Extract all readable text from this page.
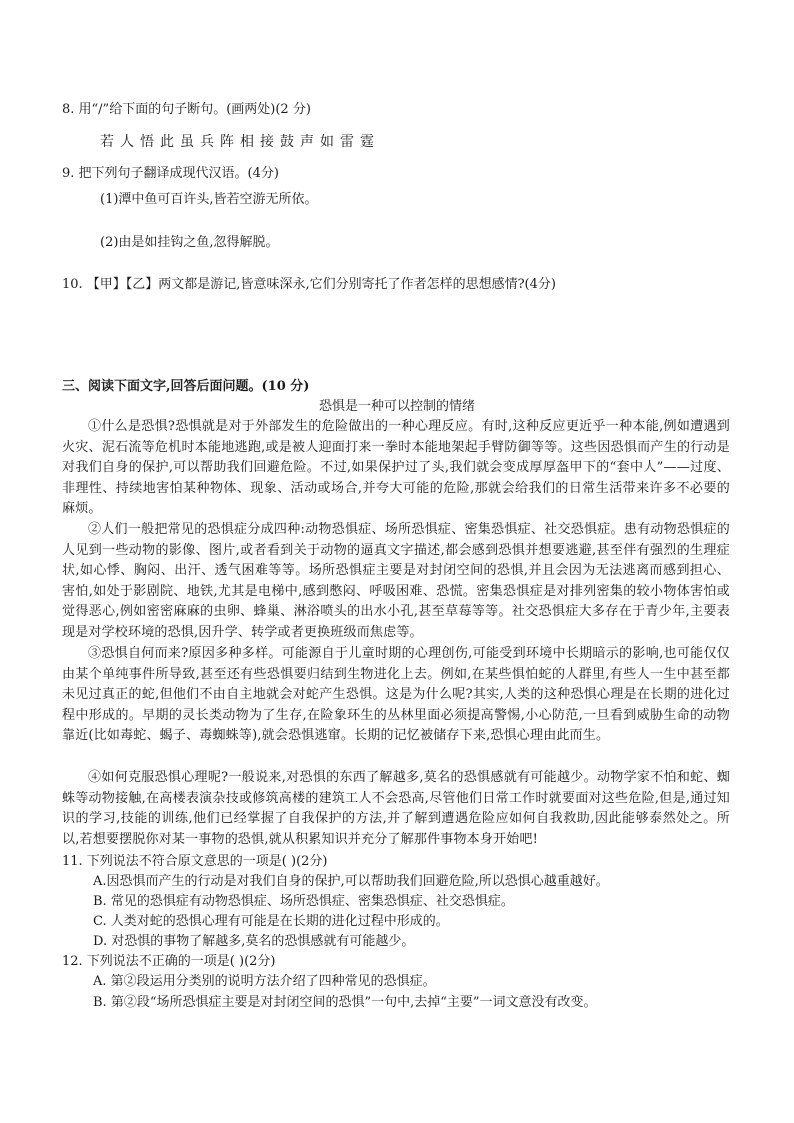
8. 用“/”给下面的句子断句。(画两处)(2 分)
若人悟此虽兵阵相接鼓声如雷霆
9. 把下列句子翻译成现代汉语。(4分)
(1)潭中鱼可百许头,皆若空游无所依。
(2)由是如挂钩之鱼,忽得解脱。
10. 【甲】【乙】两文都是游记,皆意味深永,它们分别寄托了作者怎样的思想感情?(4分)
三、阅读下面文字,回答后面问题。(10 分)
恐惧是一种可以控制的情绪
①什么是恐惧?恐惧就是对于外部发生的危险做出的一种心理反应。有时,这种反应更近乎一种本能,例如遭遇到火灾、泥石流等危机时本能地逃跑,或是被人迎面打来一拳时本能地架起手臂防御等等。这些因恐惧而产生的行动是对我们自身的保护,可以帮助我们回避危险。不过,如果保护过了头,我们就会变成厚厚盔甲下的“套中人”——过度、非理性、持续地害怕某种物体、现象、活动或场合,并夸大可能的危险,那就会给我们的日常生活带来许多不必要的麻烦。
②人们一般把常见的恐惧症分成四种:动物恐惧症、场所恐惧症、密集恐惧症、社交恐惧症。患有动物恐惧症的人见到一些动物的影像、图片,或者看到关于动物的逼真文字描述,都会感到恐惧并想要逃避,甚至伴有强烈的生理症状,如心悸、胸闷、出汗、透气困难等等。场所恐惧症主要是对封闭空间的恐惧,并且会因为无法逃离而感到担心、害怕,如处于影剧院、地铁,尤其是电梯中,感到憋闷、呼吸困难、恐慌。密集恐惧症是对排列密集的较小物体害怕或觉得恶心,例如密密麻麻的虫卵、蜂巢、淋浴喷头的出水小孔,甚至草莓等等。社交恐惧症大多存在于青少年,主要表现是对学校环境的恐惧,因升学、转学或者更换班级而焦虑等。
③恐惧自何而来?原因多种多样。可能源自于儿童时期的心理创伤,可能受到环境中长期暗示的影响,也可能仅仅由某个单纯事件所导致,甚至还有些恐惧要归结到生物进化上去。例如,在某些惧怕蛇的人群里,有些人一生中甚至都未见过真正的蛇,但他们不由自主地就会对蛇产生恐惧。这是为什么呢?其实,人类的这种恐惧心理是在长期的进化过程中形成的。早期的灵长类动物为了生存,在险象环生的丛林里面必须提高警惕,小心防范,一旦看到威胁生命的动物靠近(比如毒蛇、蝎子、毒蜘蛛等),就会恐惧逃窜。长期的记忆被储存下来,恐惧心理由此而生。
④如何克服恐惧心理呢?一般说来,对恐惧的东西了解越多,莫名的恐惧感就有可能越少。动物学家不怕和蛇、蜘蛛等动物接触,在高楼表演杂技或修筑高楼的建筑工人不会恐高,尽管他们日常工作时就要面对这些危险,但是,通过知识的学习,技能的训练,他们已经掌握了自我保护的方法,并了解到遭遇危险应如何自我救助,因此能够泰然处之。所以,若想要摆脱你对某一事物的恐惧,就从积累知识并充分了解那件事物本身开始吧!
11. 下列说法不符合原文意思的一项是( )(2分)
A.因恐惧而产生的行动是对我们自身的保护,可以帮助我们回避危险,所以恐惧心越重越好。
B. 常见的恐惧症有动物恐惧症、场所恐惧症、密集恐惧症、社交恐惧症。
C. 人类对蛇的恐惧心理有可能是在长期的进化过程中形成的。
D. 对恐惧的事物了解越多,莫名的恐惧感就有可能越少。
12. 下列说法不正确的一项是( )(2分)
A. 第②段运用分类别的说明方法介绍了四种常见的恐惧症。
B. 第②段“场所恐惧症主要是对封闭空间的恐惧”一句中,去掉“主要”一词文意没有改变。
